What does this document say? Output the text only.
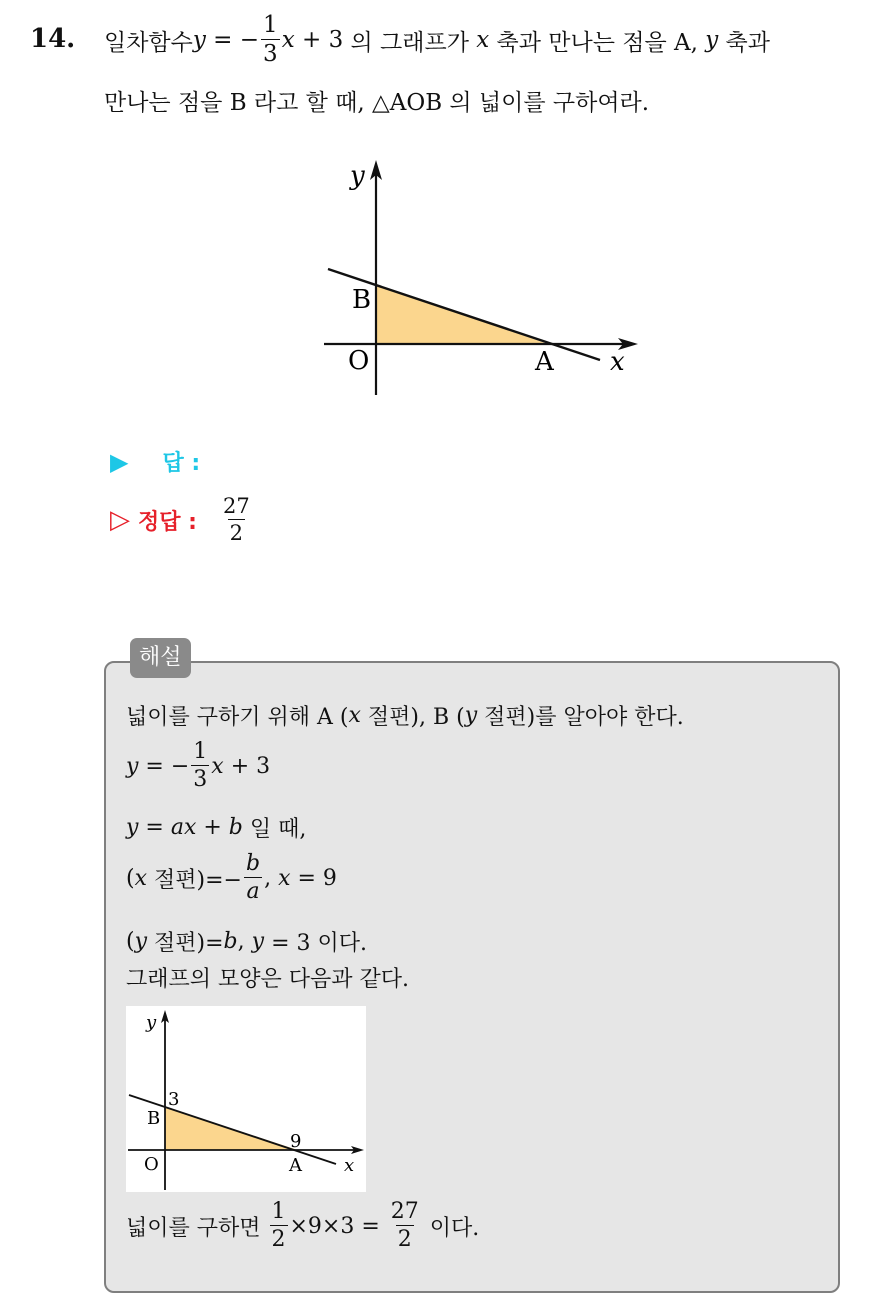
14. 일차함수 y = − $\frac{1}{3}$ x + 3 의 그래프가 x 축과 만나는 점을 A, y 축과
만나는 점을 B 라고 할 때, △AOB 의 넓이를 구하여라.
y
x
B
O	A
▶ 답 :
▷ 정답 : $\frac{27}{2}$
해설
넓이를 구하기 위해 A ( x 절편), B ( y 절편)를 알아야 한다.
y = − $\frac{1}{3}$ x + 3
y = ax + b 일 때,
( x 절편)=− $\frac{b}{a}$ , x = 9
( y 절편)= b , y = 3 이다.
그래프의 모양은 다음과 같다.
y
x
3
B
9
O	A
넓이를 구하면 $\frac{1}{2} \times 9\times 3 = \frac{27}{2}$ 이다.
